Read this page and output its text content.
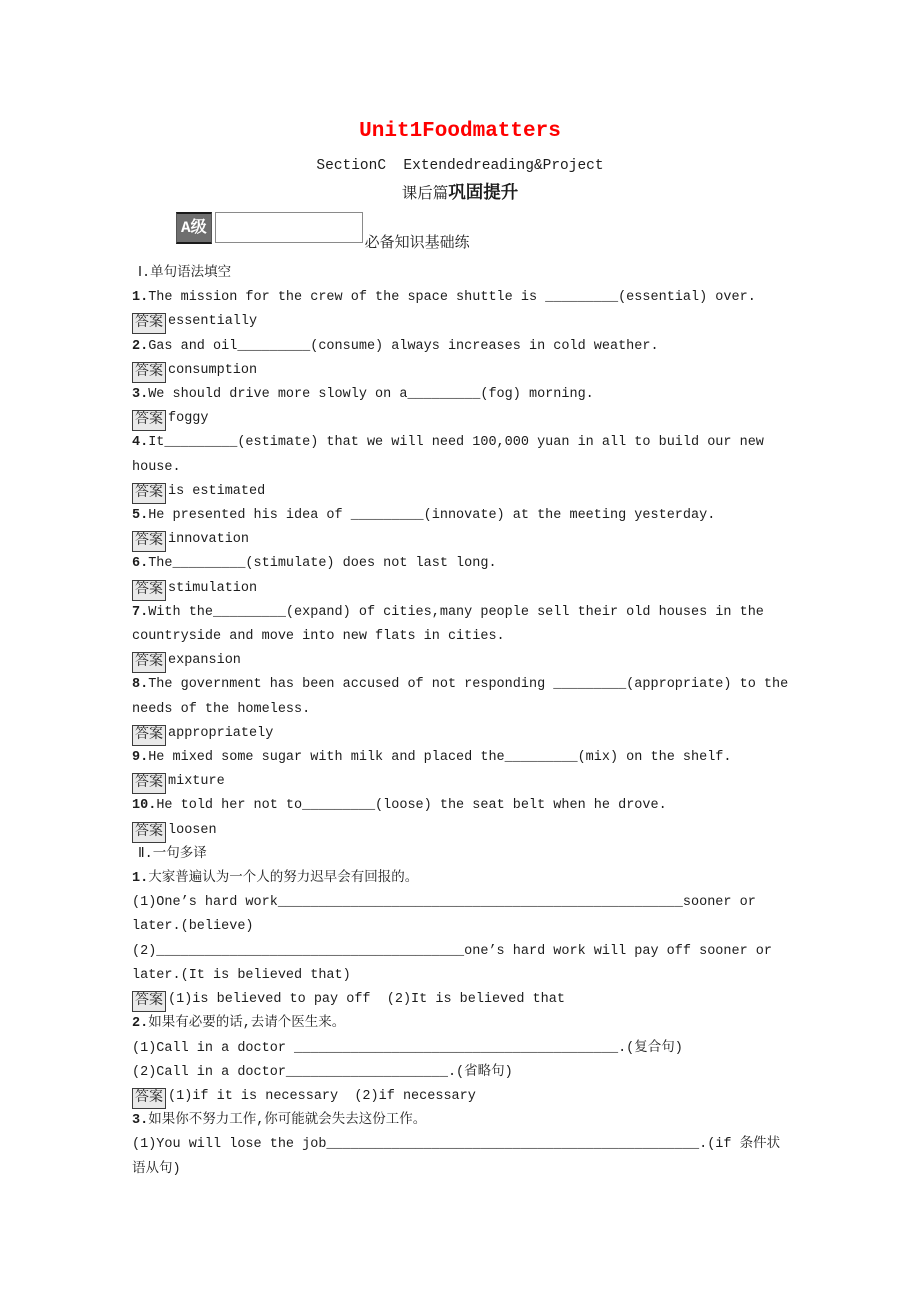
Unit1Foodmatters
SectionC  Extendedreading&Project
课后篇巩固提升
A级
必备知识基础练

Ⅰ.单句语法填空

1.The mission for the crew of the space shuttle is _________(essential) over.

答案 essentially

2.Gas and oil_________(consume) always increases in cold weather.

答案 consumption

3.We should drive more slowly on a_________(fog) morning.

答案 foggy

4.It_________(estimate) that we will need 100,000 yuan in all to build our new house.

答案 is estimated

5.He presented his idea of _________(innovate) at the meeting yesterday.

答案 innovation

6.The_________(stimulate) does not last long.

答案 stimulation

7.With the_________(expand) of cities,many people sell their old houses in the countryside and move into new flats in cities.

答案 expansion

8.The government has been accused of not responding _________(appropriate) to the needs of the homeless.

答案 appropriately

9.He mixed some sugar with milk and placed the_________(mix) on the shelf.

答案 mixture

10.He told her not to_________(loose) the seat belt when he drove.

答案 loosen

Ⅱ.一句多译

1.大家普遍认为一个人的努力迟早会有回报的。

(1)One’s hard work__________________________________________________sooner or later.(believe)

(2)______________________________________one’s hard work will pay off sooner or later.(It is believed that)

答案 (1)is believed to pay off  (2)It is believed that

2.如果有必要的话,去请个医生来。

(1)Call in a doctor ________________________________________.(复合句)

(2)Call in a doctor____________________.(省略句)

答案 (1)if it is necessary  (2)if necessary

3.如果你不努力工作,你可能就会失去这份工作。

(1)You will lose the job______________________________________________.(if 条件状语从句)
